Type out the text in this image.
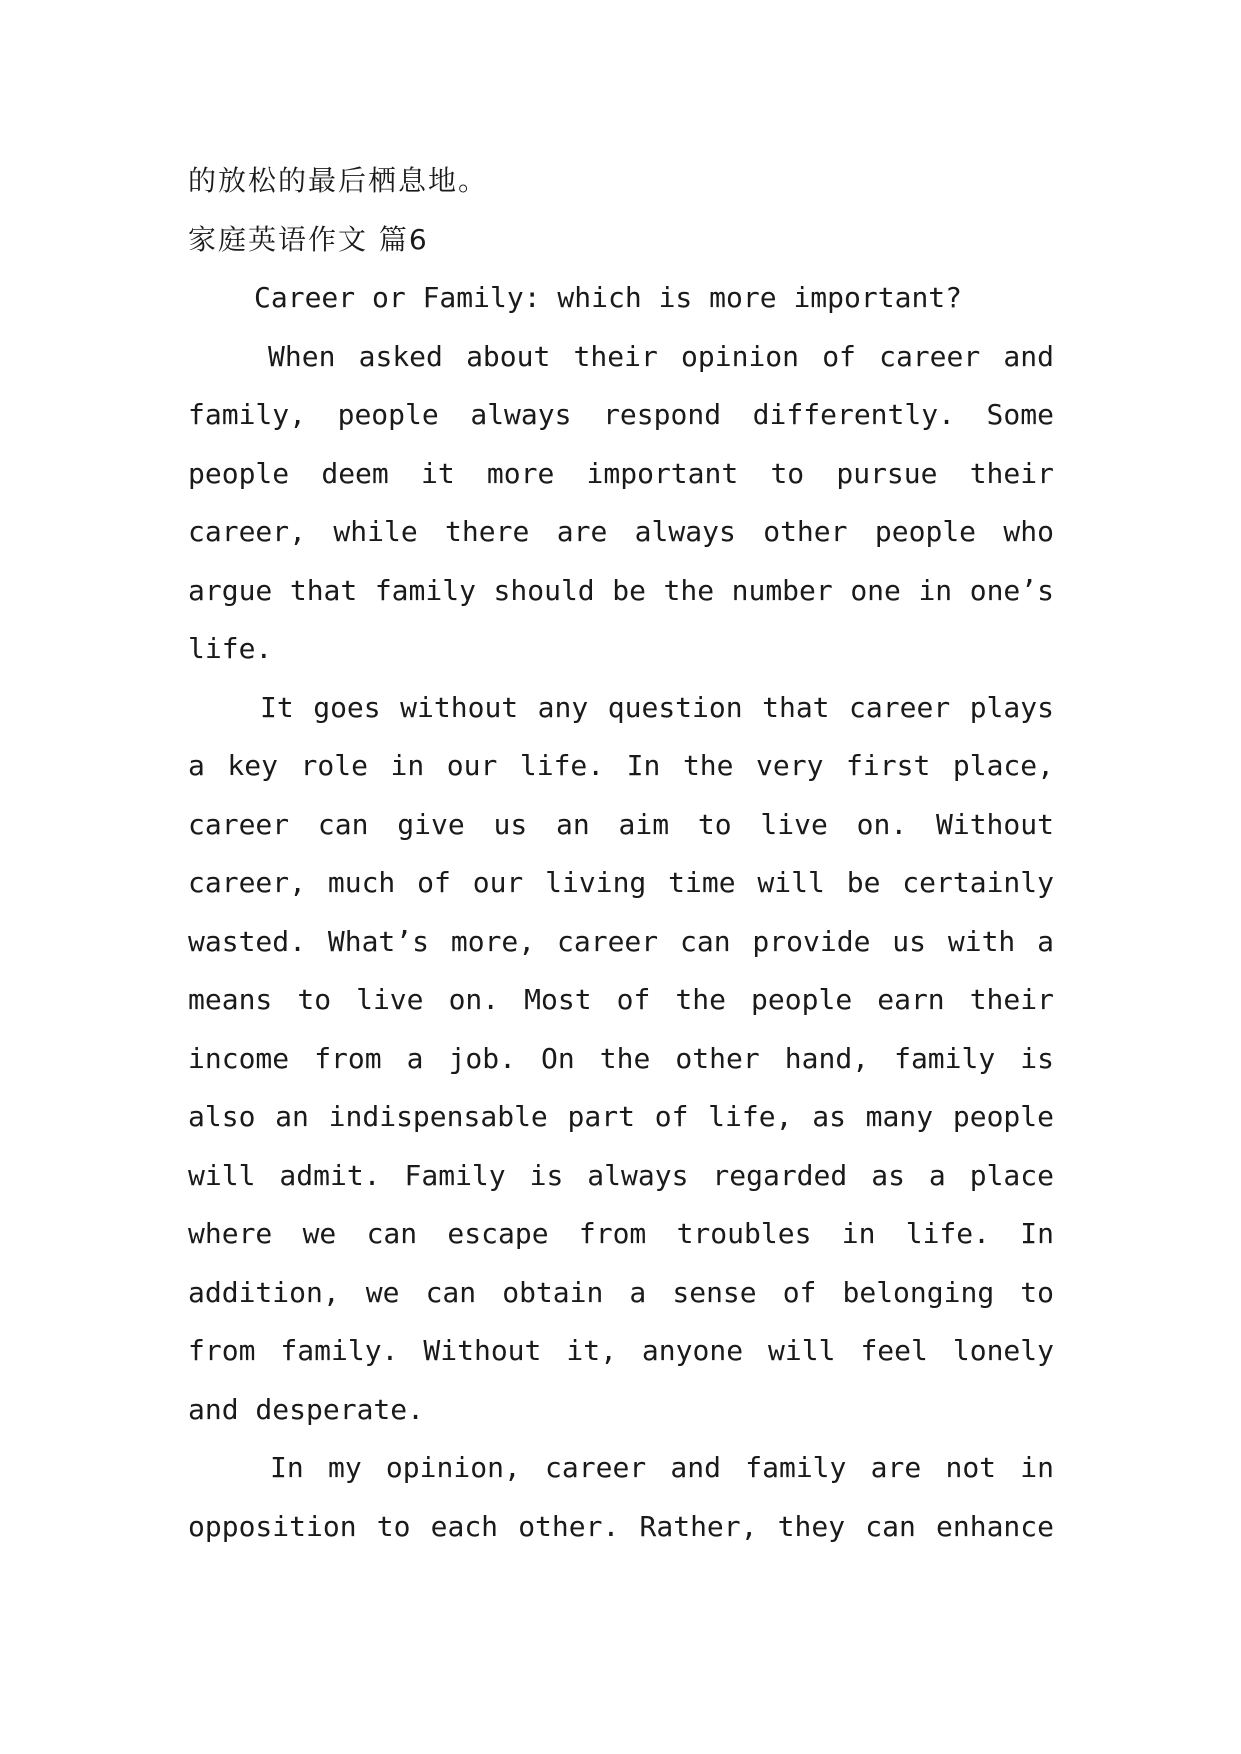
的放松的最后栖息地。
家庭英语作文 篇6
Career or Family: which is more important?
When asked about their opinion of career and
family, people always respond differently. Some
people deem it more important to pursue their
career, while there are always other people who
argue that family should be the number one in one’s
life.
It goes without any question that career plays
a key role in our life. In the very first place,
career can give us an aim to live on. Without
career, much of our living time will be certainly
wasted. What’s more, career can provide us with a
means to live on. Most of the people earn their
income from a job. On the other hand, family is
also an indispensable part of life, as many people
will admit. Family is always regarded as a place
where we can escape from troubles in life. In
addition, we can obtain a sense of belonging to
from family. Without it, anyone will feel lonely
and desperate.
In my opinion, career and family are not in
opposition to each other. Rather, they can enhance
